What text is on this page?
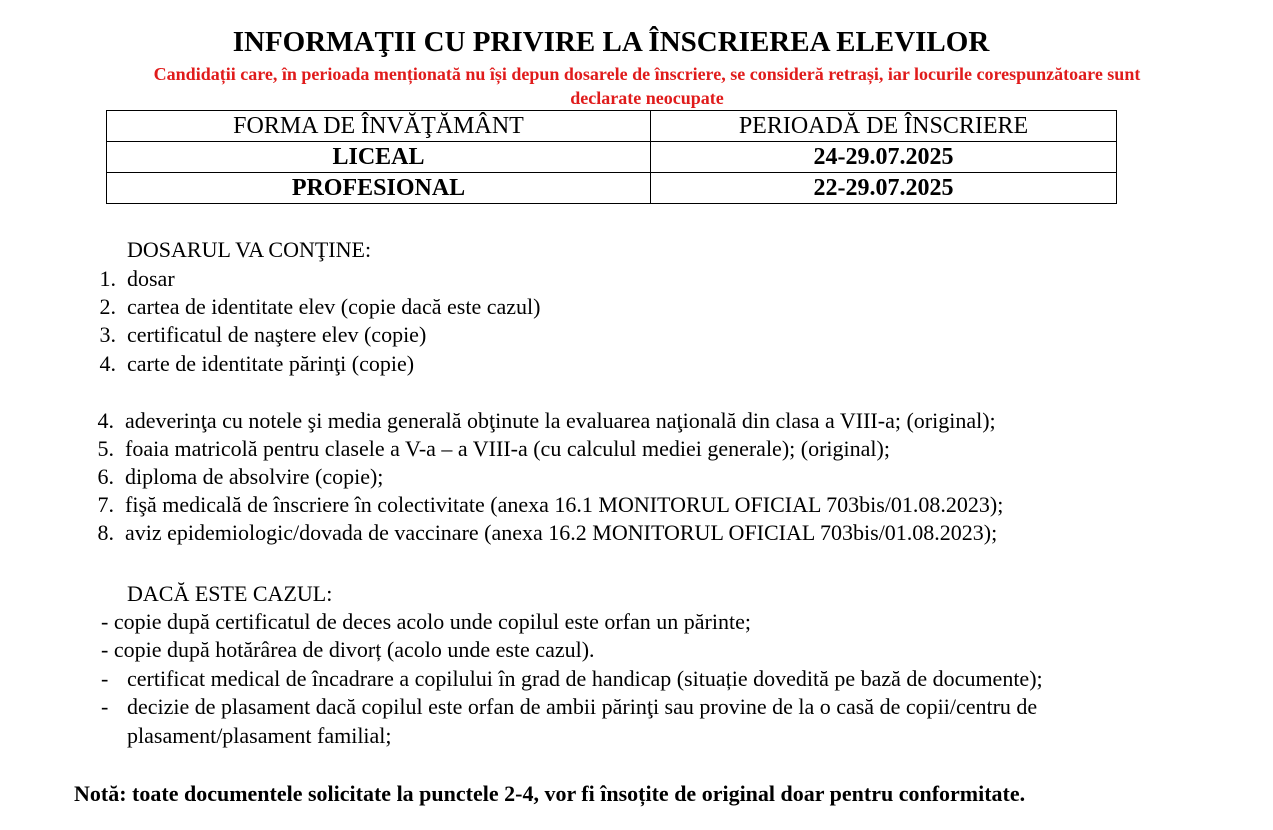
INFORMAŢII CU PRIVIRE LA ÎNSCRIEREA ELEVILOR
Candidații care, în perioada menționată nu își depun dosarele de înscriere, se consideră retrași, iar locurile corespunzătoare sunt declarate neocupate
FORMA DE ÎNVĂŢĂMÂNT	PERIOADĂ DE ÎNSCRIERE
LICEAL	24-29.07.2025
PROFESIONAL	22-29.07.2025
DOSARUL VA CONŢINE:
1. dosar
2. cartea de identitate elev (copie dacă este cazul)
3. certificatul de naştere elev (copie)
4. carte de identitate părinţi (copie)
4. adeverinţa cu notele şi media generală obţinute la evaluarea naţională din clasa a VIII-a; (original);
5. foaia matricolă pentru clasele a V-a – a VIII-a (cu calculul mediei generale); (original);
6. diploma de absolvire (copie);
7. fişă medicală de înscriere în colectivitate (anexa 16.1 MONITORUL OFICIAL 703bis/01.08.2023);
8. aviz epidemiologic/dovada de vaccinare (anexa 16.2 MONITORUL OFICIAL 703bis/01.08.2023);
DACĂ ESTE CAZUL:
- copie după certificatul de deces acolo unde copilul este orfan un părinte;
- copie după hotărârea de divorț (acolo unde este cazul).
- certificat medical de încadrare a copilului în grad de handicap (situație dovedită pe bază de documente);
- decizie de plasament dacă copilul este orfan de ambii părinţi sau provine de la o casă de copii/centru de
plasament/plasament familial;
Notă: toate documentele solicitate la punctele 2-4, vor fi însoțite de original doar pentru conformitate.
